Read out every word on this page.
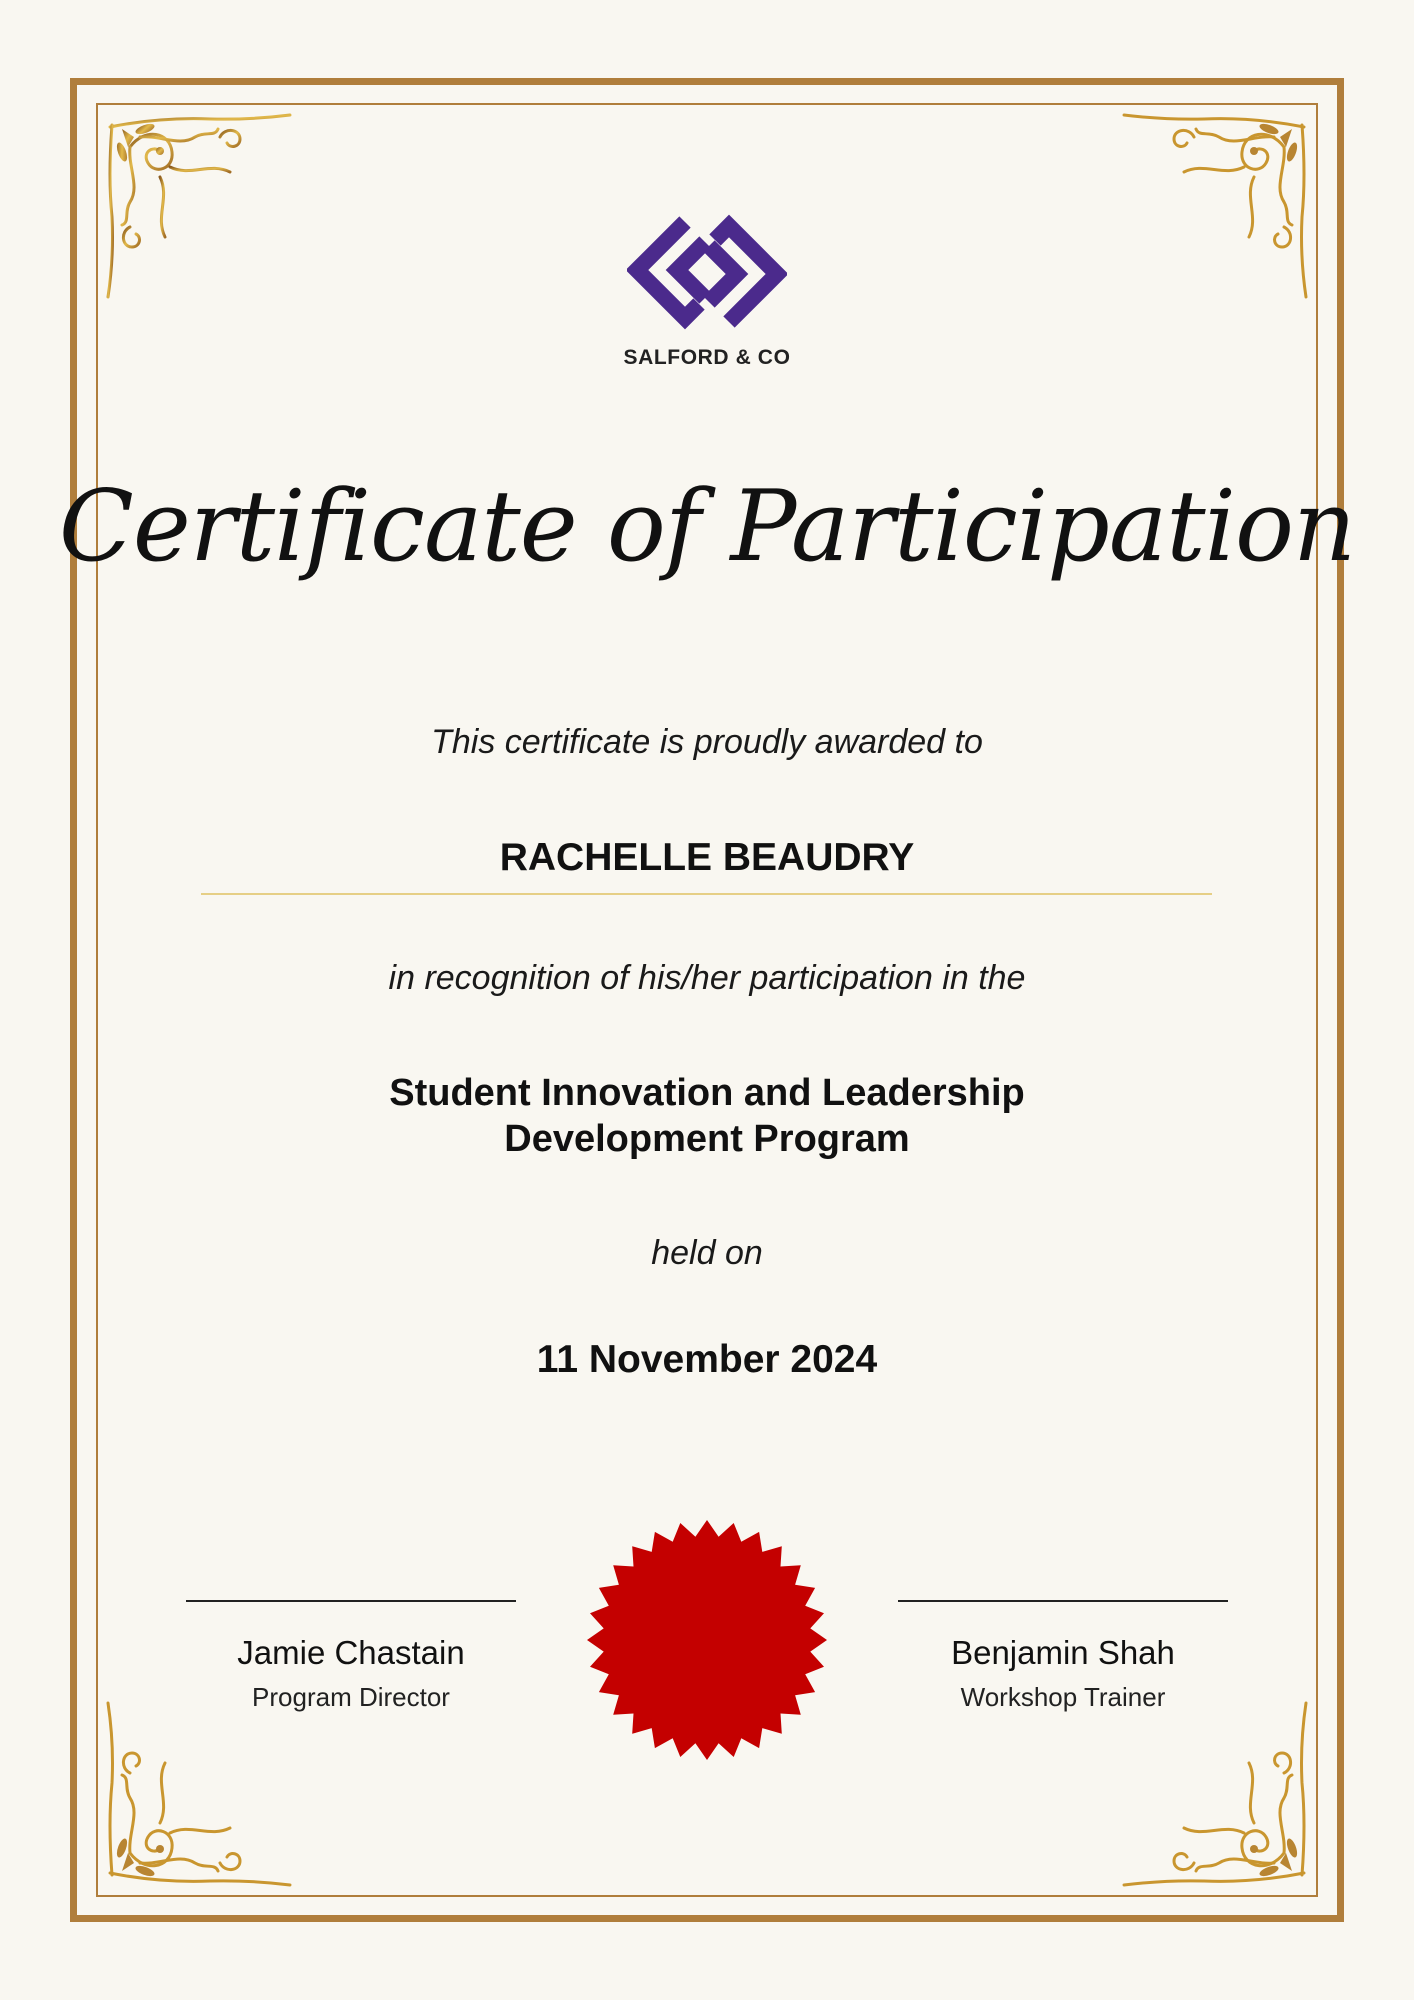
SALFORD & CO
Certificate of Participation
This certificate is proudly awarded to
RACHELLE BEAUDRY
in recognition of his/her participation in the
Student Innovation and Leadership
Development Program
held on
11 November 2024
Jamie Chastain
Program Director
Benjamin Shah
Workshop Trainer
